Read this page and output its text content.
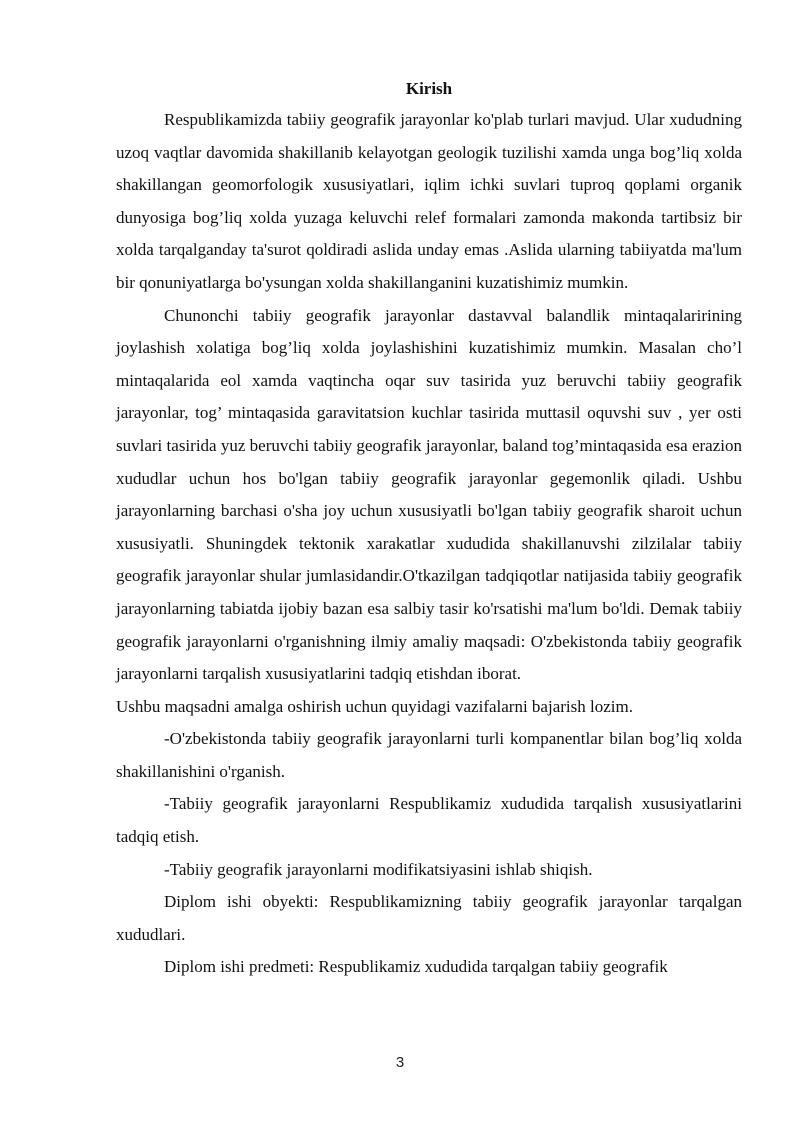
Kirish

Respublikamizda tabiiy geografik jarayonlar ko'plab turlari mavjud. Ular xududning uzoq vaqtlar davomida shakillanib kelayotgan geologik tuzilishi xamda unga bog’liq xolda shakillangan geomorfologik xususiyatlari, iqlim ichki suvlari tuproq qoplami organik dunyosiga bog’liq xolda yuzaga keluvchi relef formalari zamonda makonda tartibsiz bir xolda tarqalganday ta'surot qoldiradi aslida unday emas .Aslida ularning tabiiyatda ma'lum bir qonuniyatlarga bo'ysungan xolda shakillanganini kuzatishimiz mumkin.

Chunonchi tabiiy geografik jarayonlar dastavval balandlik mintaqalaririning joylashish xolatiga bog’liq xolda joylashishini kuzatishimiz mumkin. Masalan cho’l mintaqalarida eol xamda vaqtincha oqar suv tasirida yuz beruvchi tabiiy geografik jarayonlar, tog’ mintaqasida garavitatsion kuchlar tasirida muttasil oquvshi suv , yer osti suvlari tasirida yuz beruvchi tabiiy geografik jarayonlar, baland tog’mintaqasida esa erazion xududlar uchun hos bo'lgan tabiiy geografik jarayonlar gegemonlik qiladi. Ushbu jarayonlarning barchasi o'sha joy uchun xususiyatli bo'lgan tabiiy geografik sharoit uchun xususiyatli. Shuningdek tektonik xarakatlar xududida shakillanuvshi zilzilalar tabiiy geografik jarayonlar shular jumlasidandir.O'tkazilgan tadqiqotlar natijasida tabiiy geografik jarayonlarning tabiatda ijobiy bazan esa salbiy tasir ko'rsatishi ma'lum bo'ldi. Demak tabiiy geografik jarayonlarni o'rganishning ilmiy amaliy maqsadi: O'zbekistonda tabiiy geografik jarayonlarni tarqalish xususiyatlarini tadqiq etishdan iborat.

Ushbu maqsadni amalga oshirish uchun quyidagi vazifalarni bajarish lozim.

-O'zbekistonda tabiiy geografik jarayonlarni turli kompanentlar bilan bog’liq xolda shakillanishini o'rganish.

-Tabiiy geografik jarayonlarni Respublikamiz xududida tarqalish xususiyatlarini tadqiq etish.

-Tabiiy geografik jarayonlarni modifikatsiyasini ishlab shiqish.

Diplom ishi obyekti: Respublikamizning tabiiy geografik jarayonlar tarqalgan xududlari.

Diplom ishi predmeti: Respublikamiz xududida tarqalgan tabiiy geografik

3
